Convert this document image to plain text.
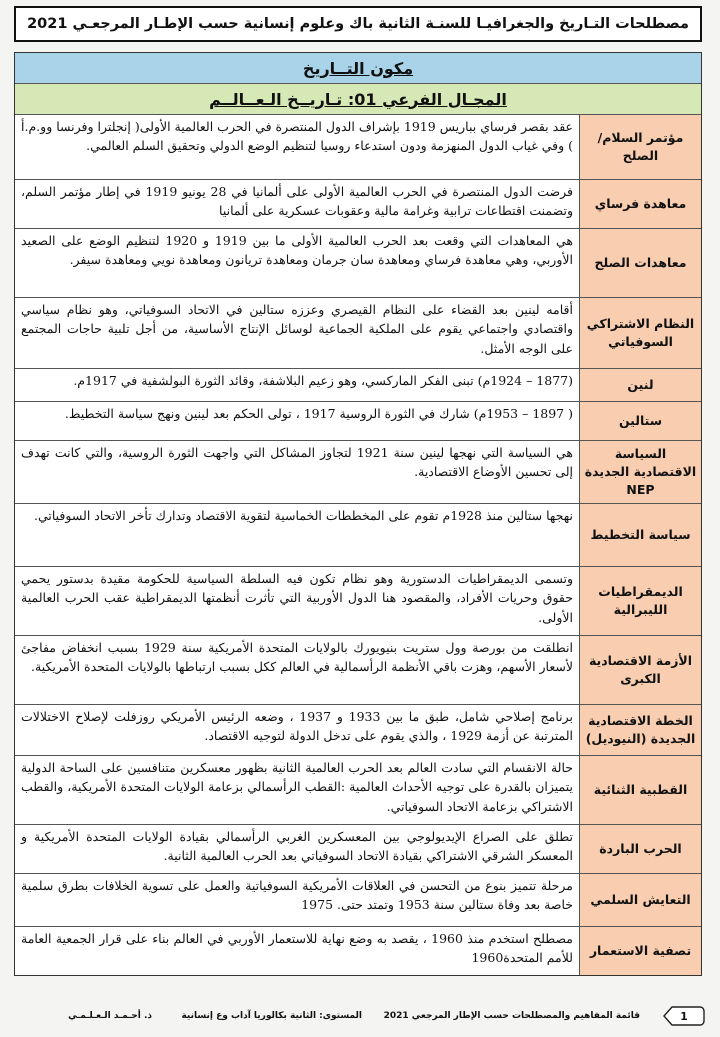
مصطلحات التـاريخ والجغرافيـا للسنـة الثانية باك وعلوم إنسانية حسب الإطـار المرجعـي 2021
مكون التــاريخ
المجـال الفرعي 01: تـاريــخ الـعــالــم
مؤتمر السلام/ الصلح
عقد بقصر فرساي بباريس 1919 بإشراف الدول المنتصرة في الحرب العالمية الأولى( إنجلترا وفرنسا وو.م.أ ) وفي غياب الدول المنهزمة ودون استدعاء روسيا لتنظيم الوضع الدولي وتحقيق السلم العالمي.
معاهدة فرساي
فرضت الدول المنتصرة في الحرب العالمية الأولى على ألمانيا في 28 يونيو 1919 في إطار مؤتمر السلم، وتضمنت اقتطاعات ترابية وغرامة مالية وعقوبات عسكرية على ألمانيا
معاهدات الصلح
هي المعاهدات التي وقعت بعد الحرب العالمية الأولى ما بين 1919 و 1920 لتنظيم الوضع على الصعيد الأوربي، وهي معاهدة فرساي ومعاهدة سان جرمان ومعاهدة تريانون ومعاهدة نويي ومعاهدة سيفر.
النظام الاشتراكي السوفياتي
أقامه لينين بعد القضاء على النظام القيصري وعززه ستالين في الاتحاد السوفياتي، وهو نظام سياسي واقتصادي واجتماعي يقوم على الملكية الجماعية لوسائل الإنتاج الأساسية، من أجل تلبية حاجات المجتمع على الوجه الأمثل.
لنين
(1877 – 1924م) تبنى الفكر الماركسي، وهو زعيم البلاشفة، وقائد الثورة البولشفية في 1917م.
ستالين
( 1897 – 1953م) شارك في الثورة الروسية 1917 ، تولى الحكم بعد لينين ونهج سياسة التخطيط.
السياسة الاقتصادية الجديدة NEP
هي السياسة التي نهجها لينين سنة 1921 لتجاوز المشاكل التي واجهت الثورة الروسية، والتي كانت تهدف إلى تحسين الأوضاع الاقتصادية.
سياسة التخطيط
نهجها ستالين منذ 1928م تقوم على المخططات الخماسية لتقوية الاقتصاد وتدارك تأخر الاتحاد السوفياتي.
الديمقراطيات الليبرالية
وتسمى الديمقراطيات الدستورية وهو نظام تكون فيه السلطة السياسية للحكومة مقيدة بدستور يحمي حقوق وحريات الأفراد، والمقصود هنا الدول الأوربية التي تأثرت أنظمتها الديمقراطية عقب الحرب العالمية الأولى.
الأزمة الاقتصادية الكبرى
انطلقت من بورصة وول ستريت بنيويورك بالولايات المتحدة الأمريكية سنة 1929 بسبب انخفاض مفاجئ لأسعار الأسهم، وهزت باقي الأنظمة الرأسمالية في العالم ككل بسبب ارتباطها بالولايات المتحدة الأمريكية.
الخطة الاقتصادية الجديدة (النيوديل)
برنامج إصلاحي شامل، طبق ما بين 1933 و 1937 ، وضعه الرئيس الأمريكي روزفلت لإصلاح الاختلالات المترتبة عن أزمة 1929 ، والذي يقوم على تدخل الدولة لتوجيه الاقتصاد.
القطبية الثنائية
حالة الانقسام التي سادت العالم بعد الحرب العالمية الثانية بظهور معسكرين متنافسين على الساحة الدولية يتميزان بالقدرة على توجيه الأحداث العالمية :القطب الرأسمالي بزعامة الولايات المتحدة الأمريكية، والقطب الاشتراكي بزعامة الاتحاد السوفياتي.
الحرب الباردة
تطلق على الصراع الإيديولوجي بين المعسكرين الغربي الرأسمالي بقيادة الولايات المتحدة الأمريكية و المعسكر الشرقي الاشتراكي بقيادة الاتحاد السوفياتي بعد الحرب العالمية الثانية.
التعايش السلمي
مرحلة تتميز بنوع من التحسن في العلاقات الأمريكية السوفياتية والعمل على تسوية الخلافات بطرق سلمية خاصة بعد وفاة ستالين سنة 1953 وتمتد حتى. 1975
تصفية الاستعمار
مصطلح استخدم منذ 1960 ، يقصد به وضع نهاية للاستعمار الأوربي في العالم بناء على قرار الجمعية العامة للأمم المتحدة1960
1
قائمة المفاهيم والمصطلحات حسب الإطار المرجعي 2021
المستوى: الثانية بكالوريا آداب وع إنسانية
ذ. أحـمـد الـعـلـمـي
